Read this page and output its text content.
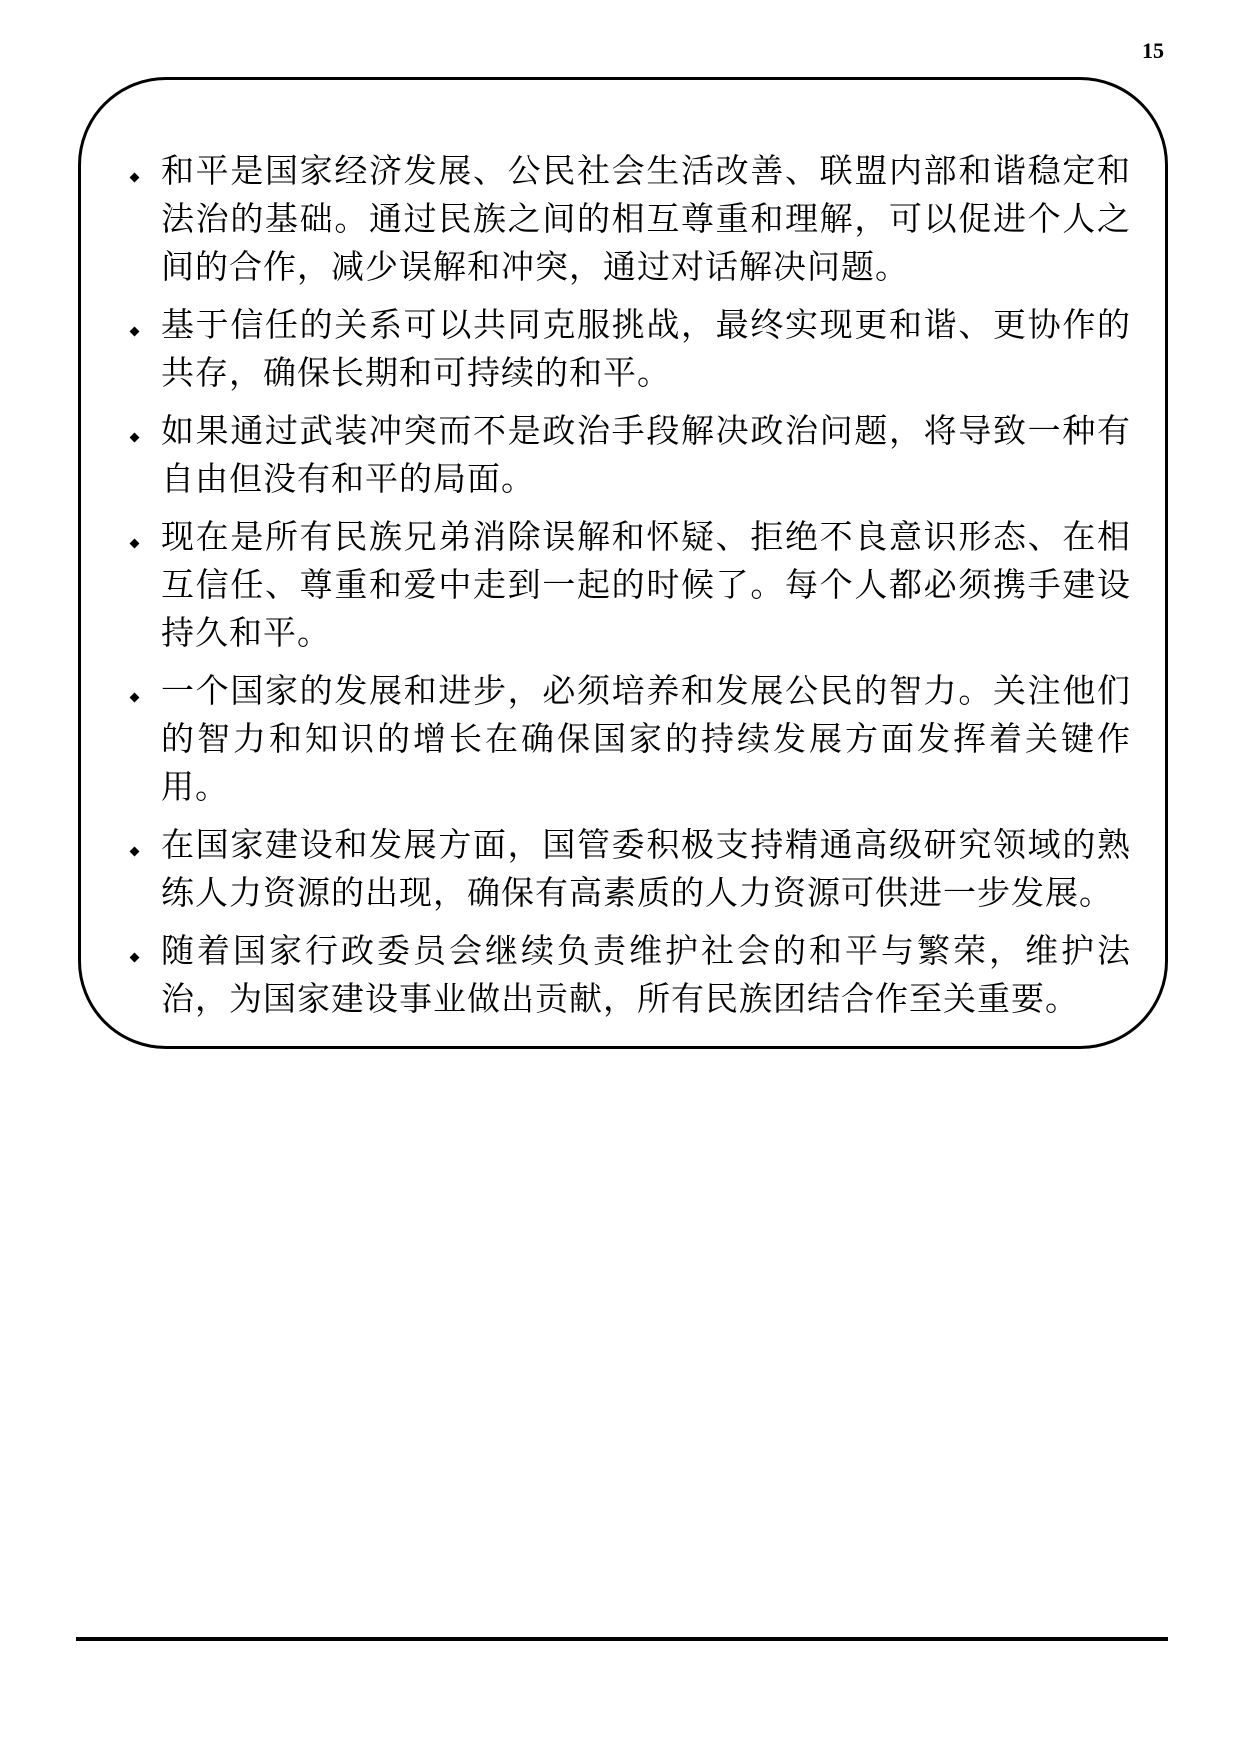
15
和平是国家经济发展、公民社会生活改善、联盟内部和谐稳定和法治的基础。通过民族之间的相互尊重和理解，可以促进个人之间的合作，减少误解和冲突，通过对话解决问题。
基于信任的关系可以共同克服挑战，最终实现更和谐、更协作的共存，确保长期和可持续的和平。
如果通过武装冲突而不是政治手段解决政治问题，将导致一种有自由但没有和平的局面。
现在是所有民族兄弟消除误解和怀疑、拒绝不良意识形态、在相互信任、尊重和爱中走到一起的时候了。每个人都必须携手建设持久和平。
一个国家的发展和进步，必须培养和发展公民的智力。关注他们的智力和知识的增长在确保国家的持续发展方面发挥着关键作用。
在国家建设和发展方面，国管委积极支持精通高级研究领域的熟练人力资源的出现，确保有高素质的人力资源可供进一步发展。
随着国家行政委员会继续负责维护社会的和平与繁荣，维护法治，为国家建设事业做出贡献，所有民族团结合作至关重要。
